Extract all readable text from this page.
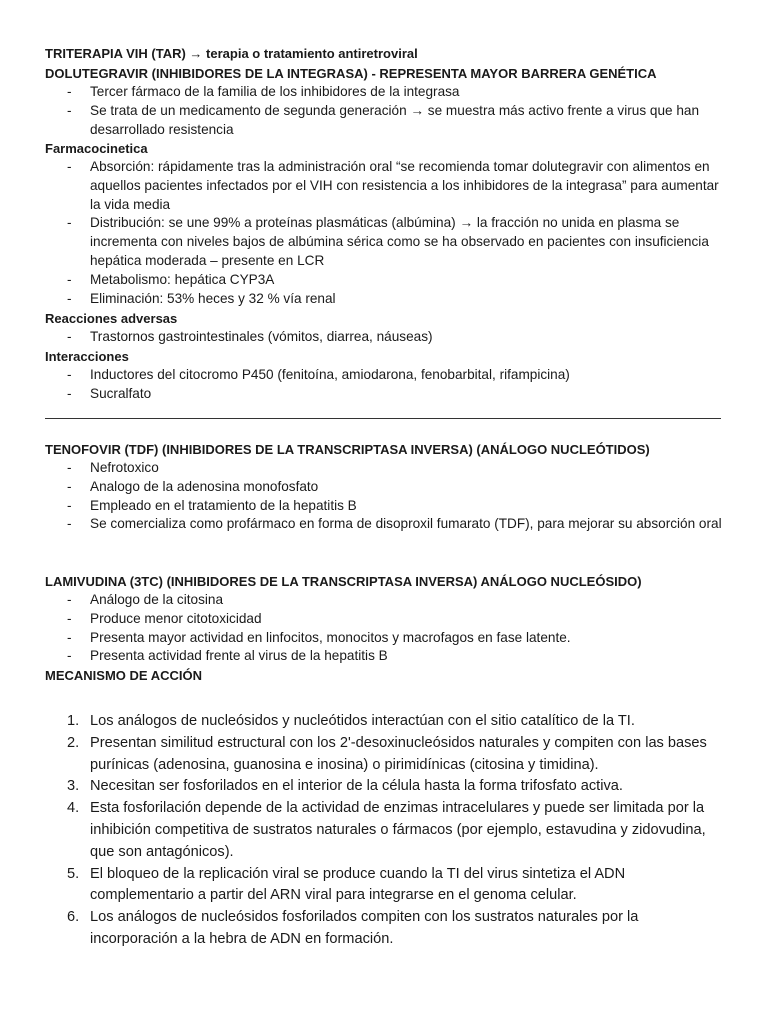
TRITERAPIA VIH (TAR) → terapia o tratamiento antiretroviral
DOLUTEGRAVIR (INHIBIDORES DE LA INTEGRASA) - REPRESENTA MAYOR BARRERA GENÉTICA
- Tercer fármaco de la familia de los inhibidores de la integrasa
- Se trata de un medicamento de segunda generación → se muestra más activo frente a virus que han desarrollado resistencia
Farmacocinetica
- Absorción: rápidamente tras la administración oral “se recomienda tomar dolutegravir con alimentos en aquellos pacientes infectados por el VIH con resistencia a los inhibidores de la integrasa” para aumentar la vida media
- Distribución: se une 99% a proteínas plasmáticas (albúmina) → la fracción no unida en plasma se incrementa con niveles bajos de albúmina sérica como se ha observado en pacientes con insuficiencia hepática moderada – presente en LCR
- Metabolismo: hepática CYP3A
- Eliminación: 53% heces y 32 % vía renal
Reacciones adversas
- Trastornos gastrointestinales (vómitos, diarrea, náuseas)
Interacciones
- Inductores del citocromo P450 (fenitoína, amiodarona, fenobarbital, rifampicina)
- Sucralfato
TENOFOVIR (TDF) (INHIBIDORES DE LA TRANSCRIPTASA INVERSA) (ANÁLOGO NUCLEÓTIDOS)
- Nefrotoxico
- Analogo de la adenosina monofosfato
- Empleado en el tratamiento de la hepatitis B
- Se comercializa como profármaco en forma de disoproxil fumarato (TDF), para mejorar su absorción oral
LAMIVUDINA (3TC) (INHIBIDORES DE LA TRANSCRIPTASA INVERSA) ANÁLOGO NUCLEÓSIDO)
- Análogo de la citosina
- Produce menor citotoxicidad
- Presenta mayor actividad en linfocitos, monocitos y macrofagos en fase latente.
- Presenta actividad frente al virus de la hepatitis B
MECANISMO DE ACCIÓN
1. Los análogos de nucleósidos y nucleótidos interactúan con el sitio catalítico de la TI.
2. Presentan similitud estructural con los 2'-desoxinucleósidos naturales y compiten con las bases purínicas (adenosina, guanosina e inosina) o pirimidínicas (citosina y timidina).
3. Necesitan ser fosforilados en el interior de la célula hasta la forma trifosfato activa.
4. Esta fosforilación depende de la actividad de enzimas intracelulares y puede ser limitada por la inhibición competitiva de sustratos naturales o fármacos (por ejemplo, estavudina y zidovudina, que son antagónicos).
5. El bloqueo de la replicación viral se produce cuando la TI del virus sintetiza el ADN complementario a partir del ARN viral para integrarse en el genoma celular.
6. Los análogos de nucleósidos fosforilados compiten con los sustratos naturales por la incorporación a la hebra de ADN en formación.
